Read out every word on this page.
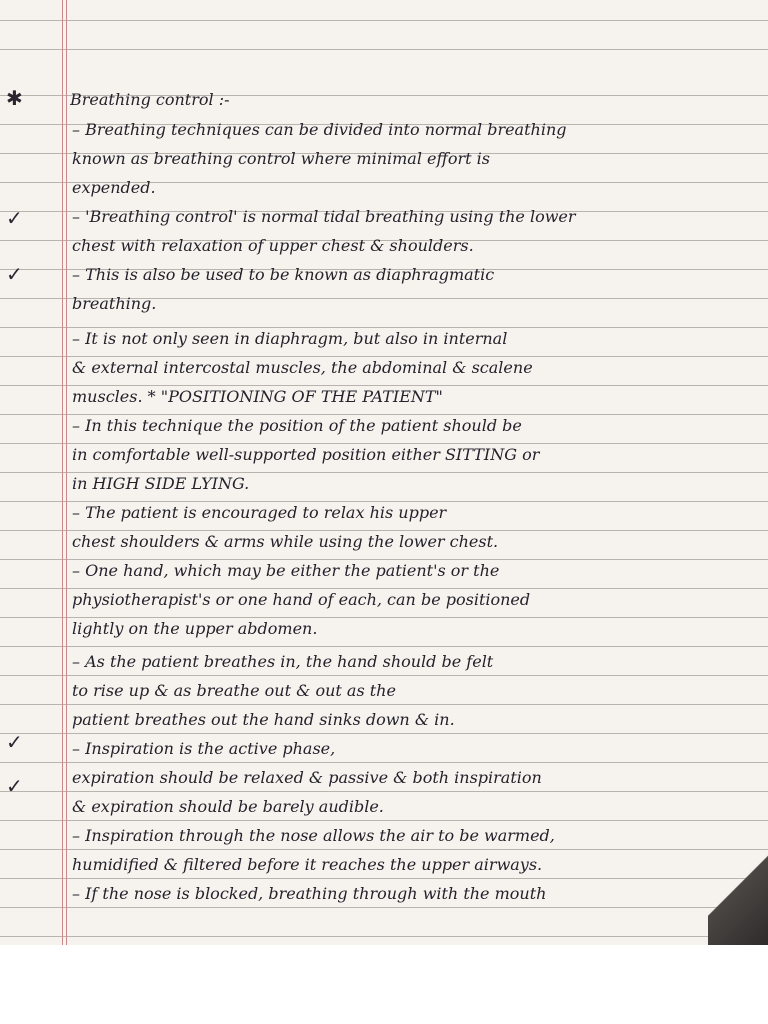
✱
✓
✓
✓
✓
Breathing control :-
– Breathing techniques can be divided into normal breathing
known as breathing control where minimal effort is
expended.
– 'Breathing control' is normal tidal breathing using the lower
chest with relaxation of upper chest & shoulders.
– This is also be used to be known as diaphragmatic
breathing.
– It is not only seen in diaphragm, but also in internal
& external intercostal muscles, the abdominal & scalene
muscles. * "POSITIONING OF THE PATIENT"
– In this technique the position of the patient should be
in comfortable well-supported position either SITTING or
in HIGH SIDE LYING.
– The patient is encouraged to relax his upper
chest shoulders & arms while using the lower chest.
– One hand, which may be either the patient's or the
physiotherapist's or one hand of each, can be positioned
lightly on the upper abdomen.
– As the patient breathes in, the hand should be felt
to rise up & as breathe out & out as the
patient breathes out the hand sinks down & in.
– Inspiration is the active phase,
expiration should be relaxed & passive & both inspiration
& expiration should be barely audible.
– Inspiration through the nose allows the air to be warmed,
humidified & filtered before it reaches the upper airways.
– If the nose is blocked, breathing through with the mouth
